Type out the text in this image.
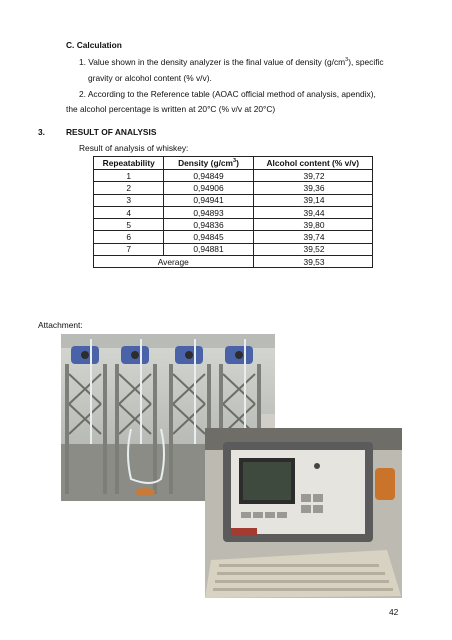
C. Calculation
1. Value shown in the density analyzer is the final value of density $(g/cm^3)$, specific
gravity or alcohol content (% v/v).
2. According to the Reference table (AOAC official method of analysis, apendix),
the alcohol percentage is written at 20°C (% v/v at 20°C)
3.	RESULT OF ANALYSIS
Result of analysis of whiskey:
Repeatability	Density $(g/cm^3)$	Alcohol content (% v/v)
1	0,94849	39,72
2	0,94906	39,36
3	0,94941	39,14
4	0,94893	39,44
5	0,94836	39,80
6	0,94845	39,74
7	0,94881	39,52
Average		39,53
Attachment:
42
